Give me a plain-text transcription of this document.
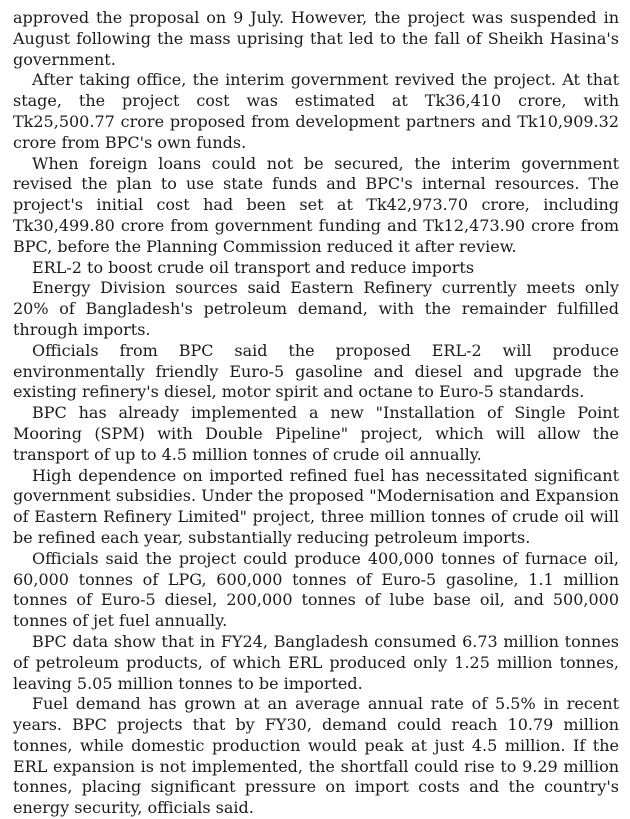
approved the proposal on 9 July. However, the project was suspended in August following the mass uprising that led to the fall of Sheikh Hasina's government.

After taking office, the interim government revived the project. At that stage, the project cost was estimated at Tk36,410 crore, with Tk25,500.77 crore proposed from development partners and Tk10,909.32 crore from BPC's own funds.

When foreign loans could not be secured, the interim government revised the plan to use state funds and BPC's internal resources. The project's initial cost had been set at Tk42,973.70 crore, including Tk30,499.80 crore from government funding and Tk12,473.90 crore from BPC, before the Planning Commission reduced it after review.

ERL-2 to boost crude oil transport and reduce imports

Energy Division sources said Eastern Refinery currently meets only 20% of Bangladesh's petroleum demand, with the remainder fulfilled through imports.

Officials from BPC said the proposed ERL-2 will produce environmentally friendly Euro-5 gasoline and diesel and upgrade the existing refinery's diesel, motor spirit and octane to Euro-5 standards.

BPC has already implemented a new "Installation of Single Point Mooring (SPM) with Double Pipeline" project, which will allow the transport of up to 4.5 million tonnes of crude oil annually.

High dependence on imported refined fuel has necessitated significant government subsidies. Under the proposed "Modernisation and Expansion of Eastern Refinery Limited" project, three million tonnes of crude oil will be refined each year, substantially reducing petroleum imports.

Officials said the project could produce 400,000 tonnes of furnace oil, 60,000 tonnes of LPG, 600,000 tonnes of Euro-5 gasoline, 1.1 million tonnes of Euro-5 diesel, 200,000 tonnes of lube base oil, and 500,000 tonnes of jet fuel annually.

BPC data show that in FY24, Bangladesh consumed 6.73 million tonnes of petroleum products, of which ERL produced only 1.25 million tonnes, leaving 5.05 million tonnes to be imported.

Fuel demand has grown at an average annual rate of 5.5% in recent years. BPC projects that by FY30, demand could reach 10.79 million tonnes, while domestic production would peak at just 4.5 million. If the ERL expansion is not implemented, the shortfall could rise to 9.29 million tonnes, placing significant pressure on import costs and the country's energy security, officials said.
